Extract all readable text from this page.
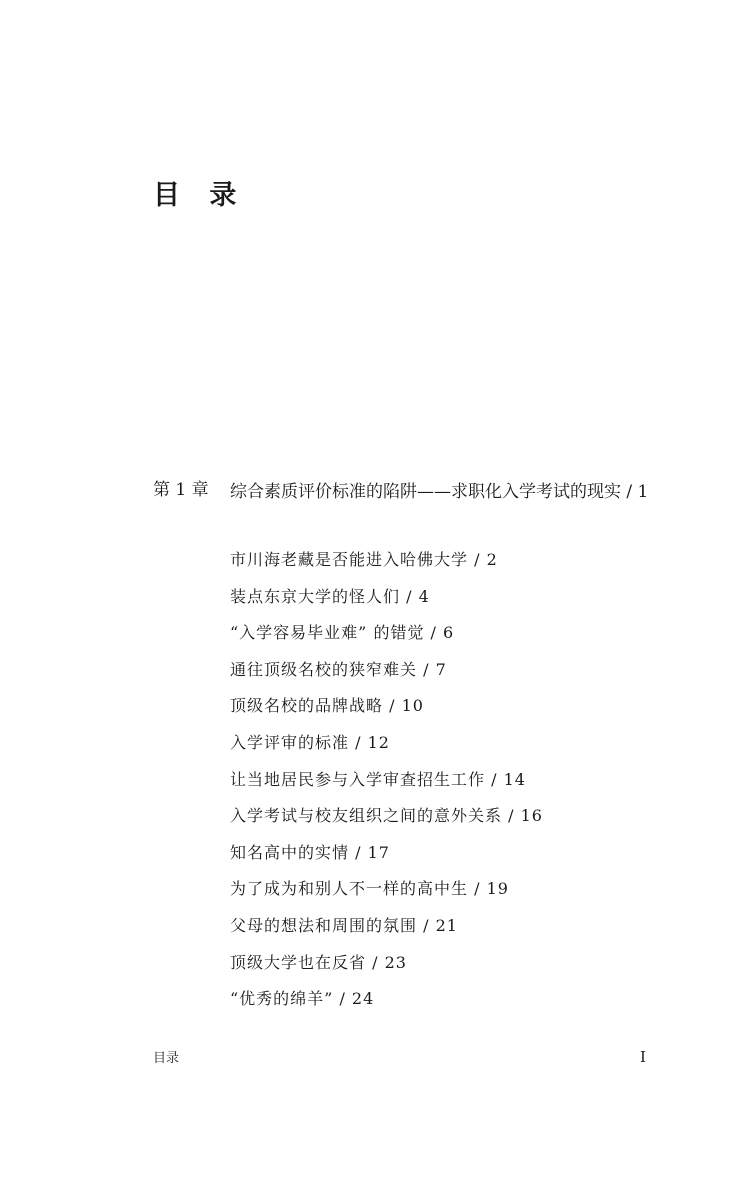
目 录
第 1 章 综合素质评价标准的陷阱——求职化入学考试的现实 / 1

市川海老藏是否能进入哈佛大学 / 2
装点东京大学的怪人们 / 4
“入学容易毕业难” 的错觉 / 6
通往顶级名校的狭窄难关 / 7
顶级名校的品牌战略 / 10
入学评审的标准 / 12
让当地居民参与入学审查招生工作 / 14
入学考试与校友组织之间的意外关系 / 16
知名高中的实情 / 17
为了成为和别人不一样的高中生 / 19
父母的想法和周围的氛围 / 21
顶级大学也在反省 / 23
“优秀的绵羊” / 24
目录	I
